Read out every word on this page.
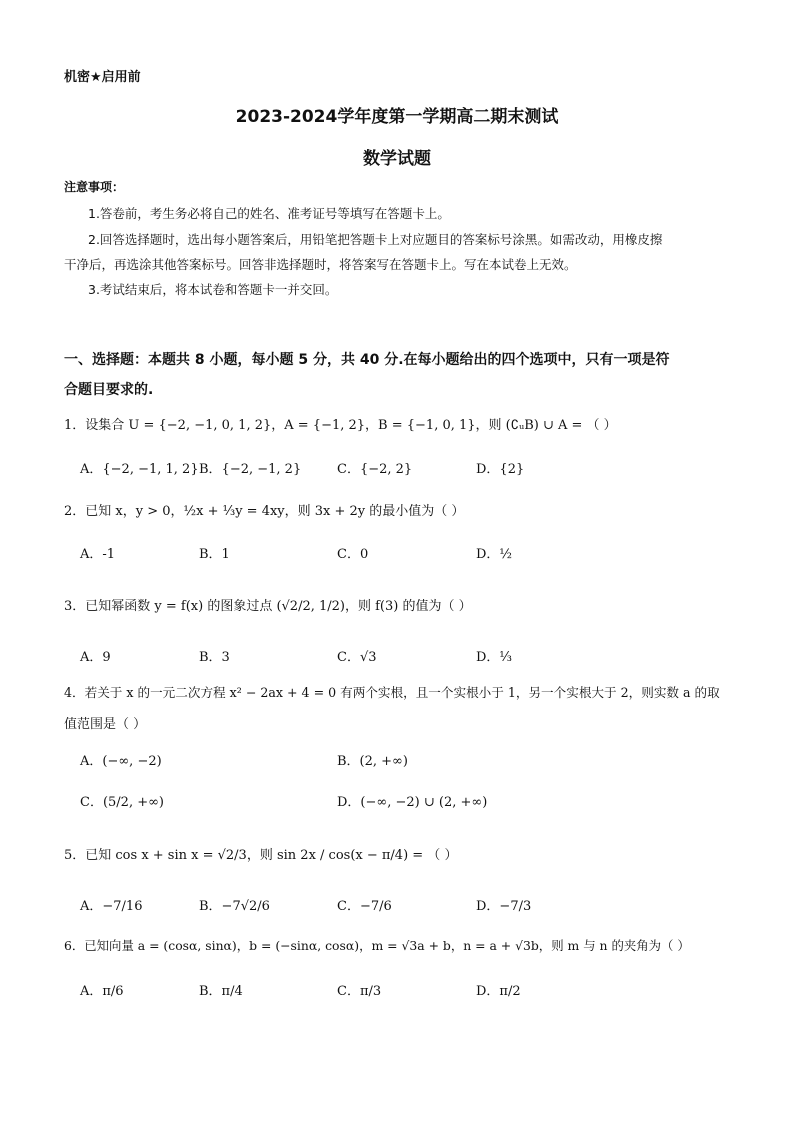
机密★启用前
2023-2024学年度第一学期高二期末测试
数学试题
注意事项：
1.答卷前，考生务必将自己的姓名、准考证号等填写在答题卡上。
2.回答选择题时，选出每小题答案后，用铅笔把答题卡上对应题目的答案标号涂黑。如需改动，用橡皮擦
干净后，再选涂其他答案标号。回答非选择题时，将答案写在答题卡上。写在本试卷上无效。
3.考试结束后，将本试卷和答题卡一并交回。
一、选择题：本题共 8 小题，每小题 5 分，共 40 分.在每小题给出的四个选项中，只有一项是符
合题目要求的.
1．设集合 U = {−2, −1, 0, 1, 2}，A = {−1, 2}，B = {−1, 0, 1}，则 (∁ᵤB) ∪ A = （ ）
A．{−2, −1, 1, 2} B．{−2, −1, 2}	C．{−2, 2}	D．{2}
2．已知 x，y > 0，½x + ⅓y = 4xy，则 3x + 2y 的最小值为（ ）
A．-1	B．1	C．0	D．½
3．已知幂函数 y = f(x) 的图象过点 (√2/2, 1/2)，则 f(3) 的值为（ ）
A．9	B．3	C．√3	D．⅓
4．若关于 x 的一元二次方程 x² − 2ax + 4 = 0 有两个实根，且一个实根小于 1，另一个实根大于 2，则实数 a 的取
值范围是（ ）
A．(−∞, −2)	B．(2, +∞)
C．(5/2, +∞)	D．(−∞, −2) ∪ (2, +∞)
5．已知 cos x + sin x = √2/3，则 sin 2x / cos(x − π/4) = （ ）
A．−7/16	B．−7√2/6	C．−7/6	D．−7/3
6．已知向量 a = (cosα, sinα)，b = (−sinα, cosα)，m = √3a + b，n = a + √3b，则 m 与 n 的夹角为（ ）
A．π/6	B．π/4	C．π/3	D．π/2
